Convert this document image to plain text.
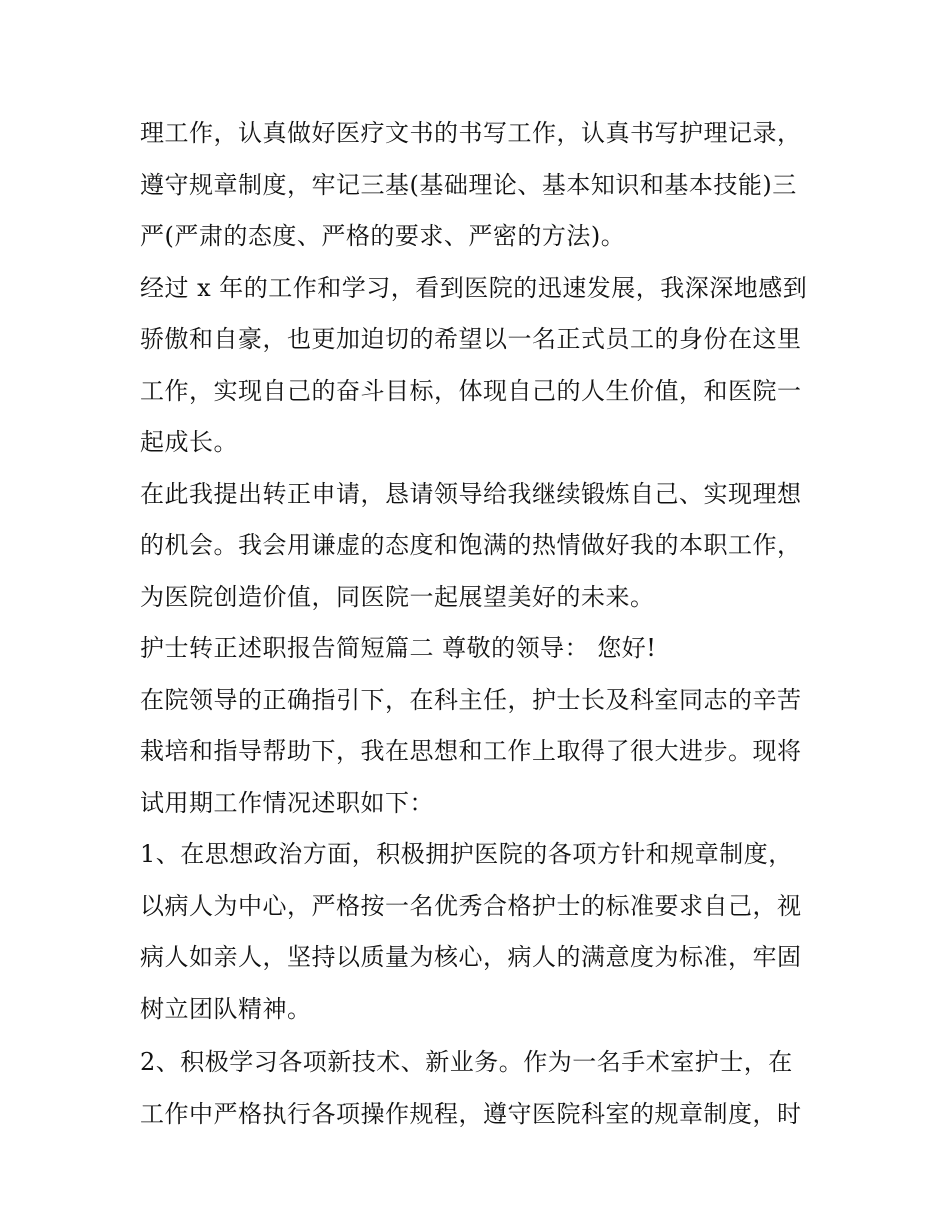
理工作，认真做好医疗文书的书写工作，认真书写护理记录，
遵守规章制度，牢记三基(基础理论、基本知识和基本技能)三
严(严肃的态度、严格的要求、严密的方法)。
经过 x 年的工作和学习，看到医院的迅速发展，我深深地感到
骄傲和自豪，也更加迫切的希望以一名正式员工的身份在这里
工作，实现自己的奋斗目标，体现自己的人生价值，和医院一
起成长。
在此我提出转正申请，恳请领导给我继续锻炼自己、实现理想
的机会。我会用谦虚的态度和饱满的热情做好我的本职工作，
为医院创造价值，同医院一起展望美好的未来。
护士转正述职报告简短篇二 尊敬的领导： 您好!
在院领导的正确指引下，在科主任，护士长及科室同志的辛苦
栽培和指导帮助下，我在思想和工作上取得了很大进步。现将
试用期工作情况述职如下：
1、在思想政治方面，积极拥护医院的各项方针和规章制度，
以病人为中心，严格按一名优秀合格护士的标准要求自己，视
病人如亲人，坚持以质量为核心，病人的满意度为标准，牢固
树立团队精神。
2、积极学习各项新技术、新业务。作为一名手术室护士，在
工作中严格执行各项操作规程，遵守医院科室的规章制度，时
